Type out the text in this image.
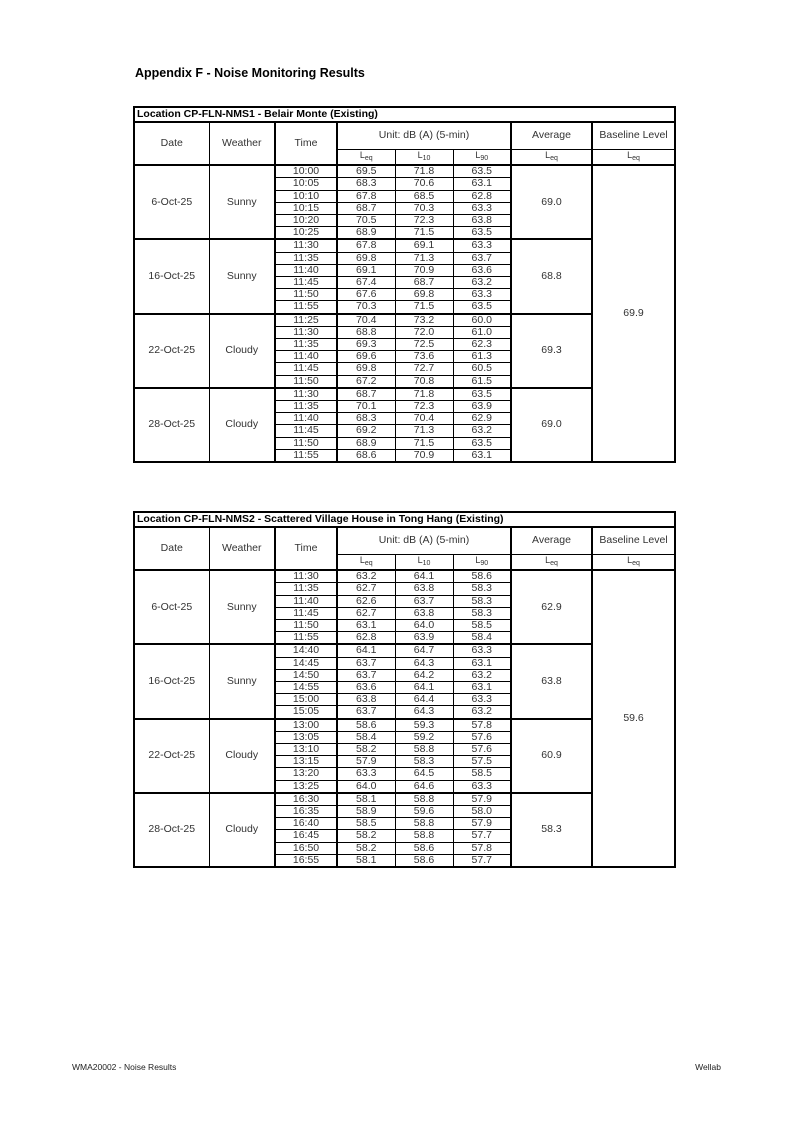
Appendix F - Noise Monitoring Results
Location CP-FLN-NMS1 - Belair Monte (Existing)							
Date	Weather	Time	Unit: dB (A) (5-min)			Average	Baseline Level
			$L_{eq}$	$L_{10}$	$L_{90}$	$L_{eq}$	$L_{eq}$
6-Oct-25	Sunny	10:00	69.5	71.8	63.5	69.0	69.9
		10:05	68.3	70.6	63.1		
		10:10	67.8	68.5	62.8		
		10:15	68.7	70.3	63.3		
		10:20	70.5	72.3	63.8		
		10:25	68.9	71.5	63.5		
16-Oct-25	Sunny	11:30	67.8	69.1	63.3	68.8	
		11:35	69.8	71.3	63.7		
		11:40	69.1	70.9	63.6		
		11:45	67.4	68.7	63.2		
		11:50	67.6	69.8	63.3		
		11:55	70.3	71.5	63.5		
22-Oct-25	Cloudy	11:25	70.4	73.2	60.0	69.3	
		11:30	68.8	72.0	61.0		
		11:35	69.3	72.5	62.3		
		11:40	69.6	73.6	61.3		
		11:45	69.8	72.7	60.5		
		11:50	67.2	70.8	61.5		
28-Oct-25	Cloudy	11:30	68.7	71.8	63.5	69.0	
		11:35	70.1	72.3	63.9		
		11:40	68.3	70.4	62.9		
		11:45	69.2	71.3	63.2		
		11:50	68.9	71.5	63.5		
		11:55	68.6	70.9	63.1		
Location CP-FLN-NMS2 - Scattered Village House in Tong Hang (Existing)							
Date	Weather	Time	Unit: dB (A) (5-min)			Average	Baseline Level
			$L_{eq}$	$L_{10}$	$L_{90}$	$L_{eq}$	$L_{eq}$
6-Oct-25	Sunny	11:30	63.2	64.1	58.6	62.9	59.6
		11:35	62.7	63.8	58.3		
		11:40	62.6	63.7	58.3		
		11:45	62.7	63.8	58.3		
		11:50	63.1	64.0	58.5		
		11:55	62.8	63.9	58.4		
16-Oct-25	Sunny	14:40	64.1	64.7	63.3	63.8	
		14:45	63.7	64.3	63.1		
		14:50	63.7	64.2	63.2		
		14:55	63.6	64.1	63.1		
		15:00	63.8	64.4	63.3		
		15:05	63.7	64.3	63.2		
22-Oct-25	Cloudy	13:00	58.6	59.3	57.8	60.9	
		13:05	58.4	59.2	57.6		
		13:10	58.2	58.8	57.6		
		13:15	57.9	58.3	57.5		
		13:20	63.3	64.5	58.5		
		13:25	64.0	64.6	63.3		
28-Oct-25	Cloudy	16:30	58.1	58.8	57.9	58.3	
		16:35	58.9	59.6	58.0		
		16:40	58.5	58.8	57.9		
		16:45	58.2	58.8	57.7		
		16:50	58.2	58.6	57.8		
		16:55	58.1	58.6	57.7		
WMA20002 - Noise Results	Wellab
